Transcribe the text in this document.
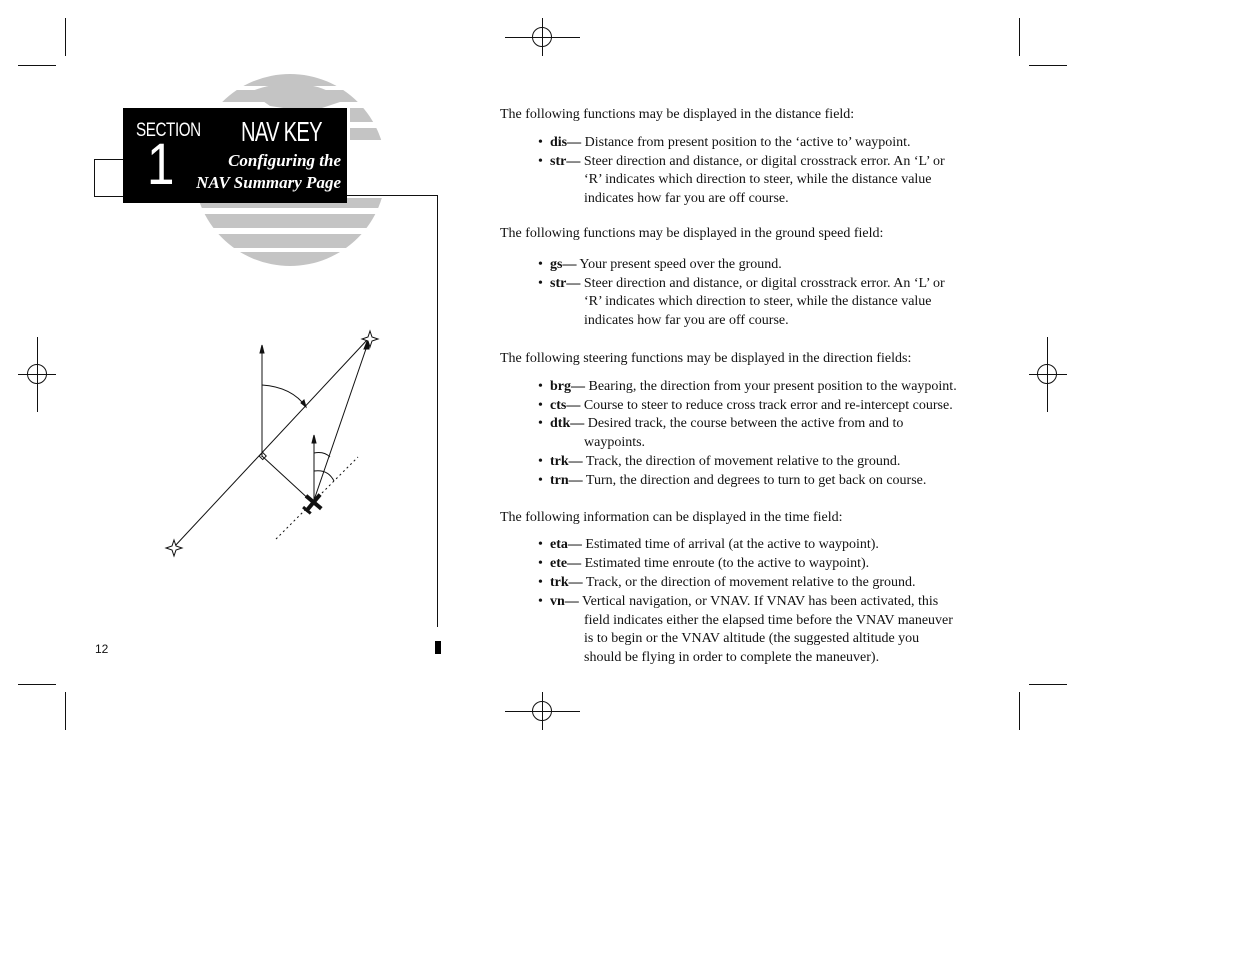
SECTION
1
NAV KEY
Configuring the
NAV Summary Page
12

The following functions may be displayed in the distance field:

• dis— Distance from present position to the ‘active to’ waypoint.
• str— Steer direction and distance, or digital crosstrack error. An ‘L’ or ‘R’ indicates which direction to steer, while the distance value indicates how far you are off course.

The following functions may be displayed in the ground speed field:

• gs— Your present speed over the ground.
• str— Steer direction and distance, or digital crosstrack error. An ‘L’ or ‘R’ indicates which direction to steer, while the distance value indicates how far you are off course.

The following steering functions may be displayed in the direction fields:

• brg— Bearing, the direction from your present position to the waypoint.
• cts— Course to steer to reduce cross track error and re-intercept course.
• dtk— Desired track, the course between the active from and to waypoints.
• trk— Track, the direction of movement relative to the ground.
• trn— Turn, the direction and degrees to turn to get back on course.

The following information can be displayed in the time field:

• eta— Estimated time of arrival (at the active to waypoint).
• ete— Estimated time enroute (to the active to waypoint).
• trk— Track, or the direction of movement relative to the ground.
• vn— Vertical navigation, or VNAV. If VNAV has been activated, this field indicates either the elapsed time before the VNAV maneuver is to begin or the VNAV altitude (the suggested altitude you should be flying in order to complete the maneuver).
